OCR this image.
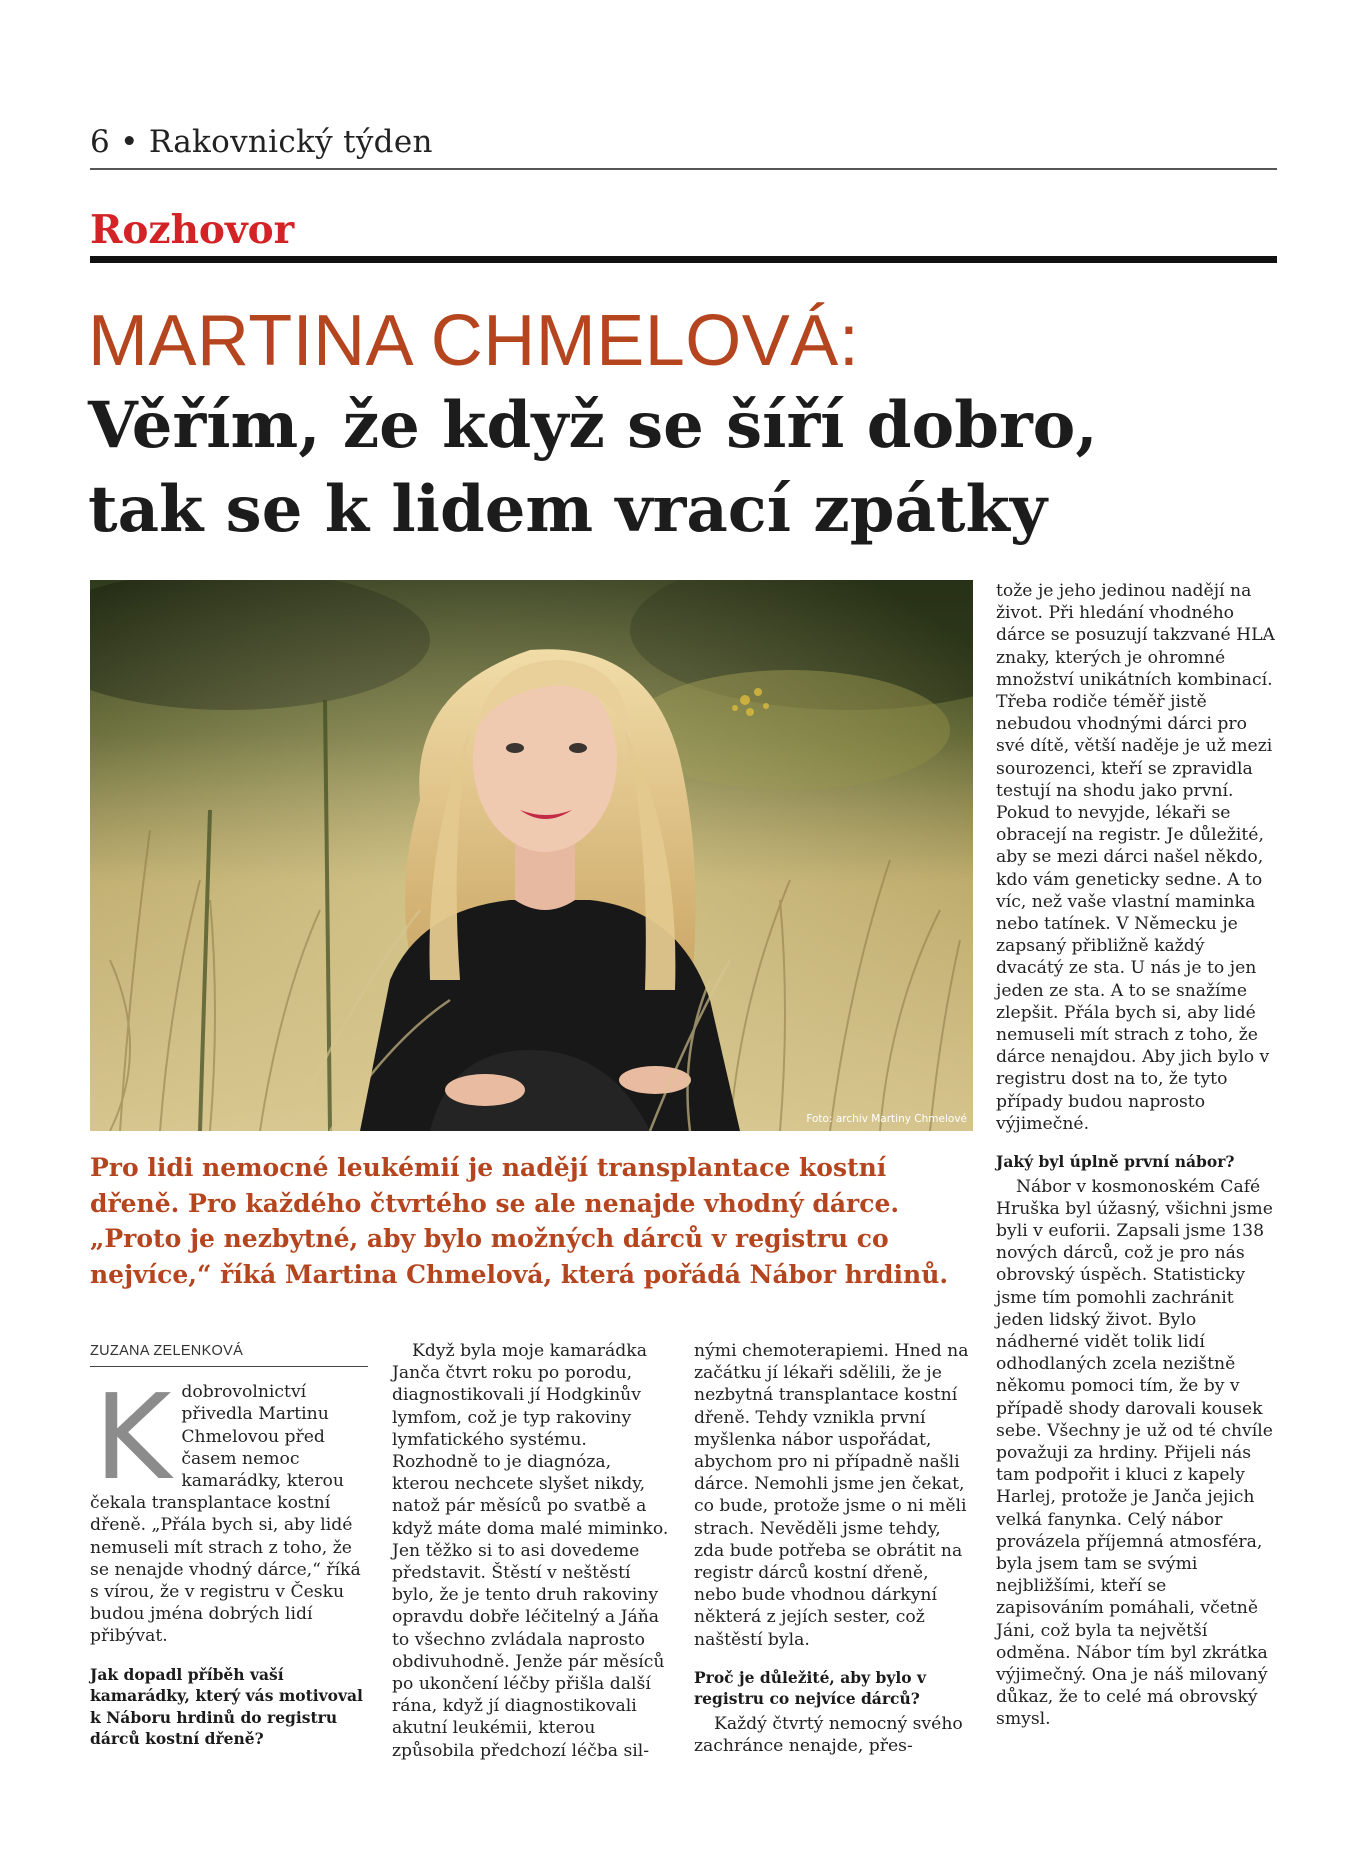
6 • Rakovnický týden
Rozhovor
MARTINA CHMELOVÁ:
Věřím, že když se šíří dobro,
tak se k lidem vrací zpátky
Foto: archiv Martiny Chmelové
Pro lidi nemocné leukémií je nadějí transplantace kostní dřeně. Pro každého čtvrtého se ale nenajde vhodný dárce. „Proto je nezbytné, aby bylo možných dárců v registru co nejvíce,“ říká Martina Chmelová, která pořádá Nábor hrdinů.

ZUZANA ZELENKOVÁ

Kdobrovolnictví přivedla Martinu Chmelovou před časem nemoc kamarádky, kterou čekala transplantace kostní dřeně. „Přála bych si, aby lidé nemuseli mít strach z toho, že se nenajde vhodný dárce,“ říká s vírou, že v registru v Česku budou jména dobrých lidí přibývat.

Jak dopadl příběh vaší kamarádky, který vás motivoval k Náboru hrdinů do registru dárců kostní dřeně?

Když byla moje kamarádka Janča čtvrt roku po porodu, diagnostikovali jí Hodgkinův lymfom, což je typ rakoviny lymfatického systému. Rozhodně to je diagnóza, kterou nechcete slyšet nikdy, natož pár měsíců po svatbě a když máte doma malé miminko. Jen těžko si to asi dovedeme představit. Štěstí v neštěstí bylo, že je tento druh rakoviny opravdu dobře léčitelný a Jáňa to všechno zvládala naprosto obdivuhodně. Jenže pár měsíců po ukončení léčby přišla další rána, když jí diagnostikovali akutní leukémii, kterou způsobila předchozí léčba sil-

nými chemoterapiemi. Hned na začátku jí lékaři sdělili, že je nezbytná transplantace kostní dřeně. Tehdy vznikla první myšlenka nábor uspořádat, abychom pro ni případně našli dárce. Nemohli jsme jen čekat, co bude, protože jsme o ni měli strach. Nevěděli jsme tehdy, zda bude potřeba se obrátit na registr dárců kostní dřeně, nebo bude vhodnou dárkyní některá z jejích sester, což naštěstí byla.

Proč je důležité, aby bylo v registru co nejvíce dárců?

Každý čtvrtý nemocný svého zachránce nenajde, přes-

tože je jeho jedinou nadějí na život. Při hledání vhodného dárce se posuzují takzvané HLA znaky, kterých je ohromné množství unikátních kombinací. Třeba rodiče téměř jistě nebudou vhodnými dárci pro své dítě, větší naděje je už mezi sourozenci, kteří se zpravidla testují na shodu jako první. Pokud to nevyjde, lékaři se obracejí na registr. Je důležité, aby se mezi dárci našel někdo, kdo vám geneticky sedne. A to víc, než vaše vlastní maminka nebo tatínek. V Německu je zapsaný přibližně každý dvacátý ze sta. U nás je to jen jeden ze sta. A to se snažíme zlepšit. Přála bych si, aby lidé nemuseli mít strach z toho, že dárce nenajdou. Aby jich bylo v registru dost na to, že tyto případy budou naprosto výjimečné.

Jaký byl úplně první nábor?

Nábor v kosmonoském Café Hruška byl úžasný, všichni jsme byli v euforii. Zapsali jsme 138 nových dárců, což je pro nás obrovský úspěch. Statisticky jsme tím pomohli zachránit jeden lidský život. Bylo nádherné vidět tolik lidí odhodlaných zcela nezištně někomu pomoci tím, že by v případě shody darovali kousek sebe. Všechny je už od té chvíle považuji za hrdiny. Přijeli nás tam podpořit i kluci z kapely Harlej, protože je Janča jejich velká fanynka. Celý nábor provázela příjemná atmosféra, byla jsem tam se svými nejbližšími, kteří se zapisováním pomáhali, včetně Jáni, což byla ta největší odměna. Nábor tím byl zkrátka výjimečný. Ona je náš milovaný důkaz, že to celé má obrovský smysl.
